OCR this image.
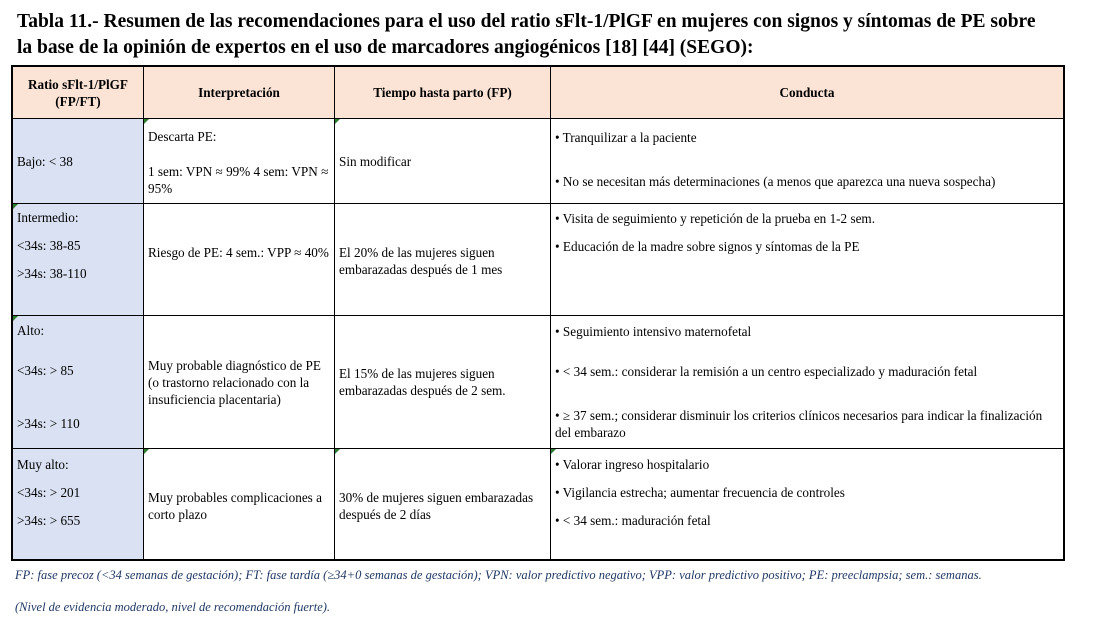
Tabla 11.- Resumen de las recomendaciones para el uso del ratio sFlt-1/PlGF en mujeres con signos y síntomas de PE sobre
la base de la opinión de expertos en el uso de marcadores angiogénicos [18] [44] (SEGO):
Ratio sFlt-1/PlGF
(FP/FT)
Interpretación	Tiempo hasta parto (FP)	Conducta
Bajo: < 38
Descarta PE:
1 sem: VPN ≈ 99% 4 sem: VPN ≈ 95%
Sin modificar
• Tranquilizar a la paciente
• No se necesitan más determinaciones (a menos que aparezca una nueva sospecha)
Intermedio:
<34s: 38-85
>34s: 38-110
Riesgo de PE: 4 sem.: VPP ≈ 40% El 20% de las mujeres siguen embarazadas después de 1 mes
• Visita de seguimiento y repetición de la prueba en 1-2 sem.
• Educación de la madre sobre signos y síntomas de la PE
Alto:
<34s: > 85
>34s: > 110
Muy probable diagnóstico de PE (o trastorno relacionado con la insuficiencia placentaria)
El 15% de las mujeres siguen embarazadas después de 2 sem.
• Seguimiento intensivo maternofetal
• < 34 sem.: considerar la remisión a un centro especializado y maduración fetal
• ≥ 37 sem.; considerar disminuir los criterios clínicos necesarios para indicar la finalización del embarazo
Muy alto:
<34s: > 201
>34s: > 655
Muy probables complicaciones a corto plazo
30% de mujeres siguen embarazadas después de 2 días
• Valorar ingreso hospitalario
• Vigilancia estrecha; aumentar frecuencia de controles
• < 34 sem.: maduración fetal
FP: fase precoz (<34 semanas de gestación); FT: fase tardía (≥34+0 semanas de gestación); VPN: valor predictivo negativo; VPP: valor predictivo positivo; PE: preeclampsia; sem.: semanas.
(Nivel de evidencia moderado, nivel de recomendación fuerte).
